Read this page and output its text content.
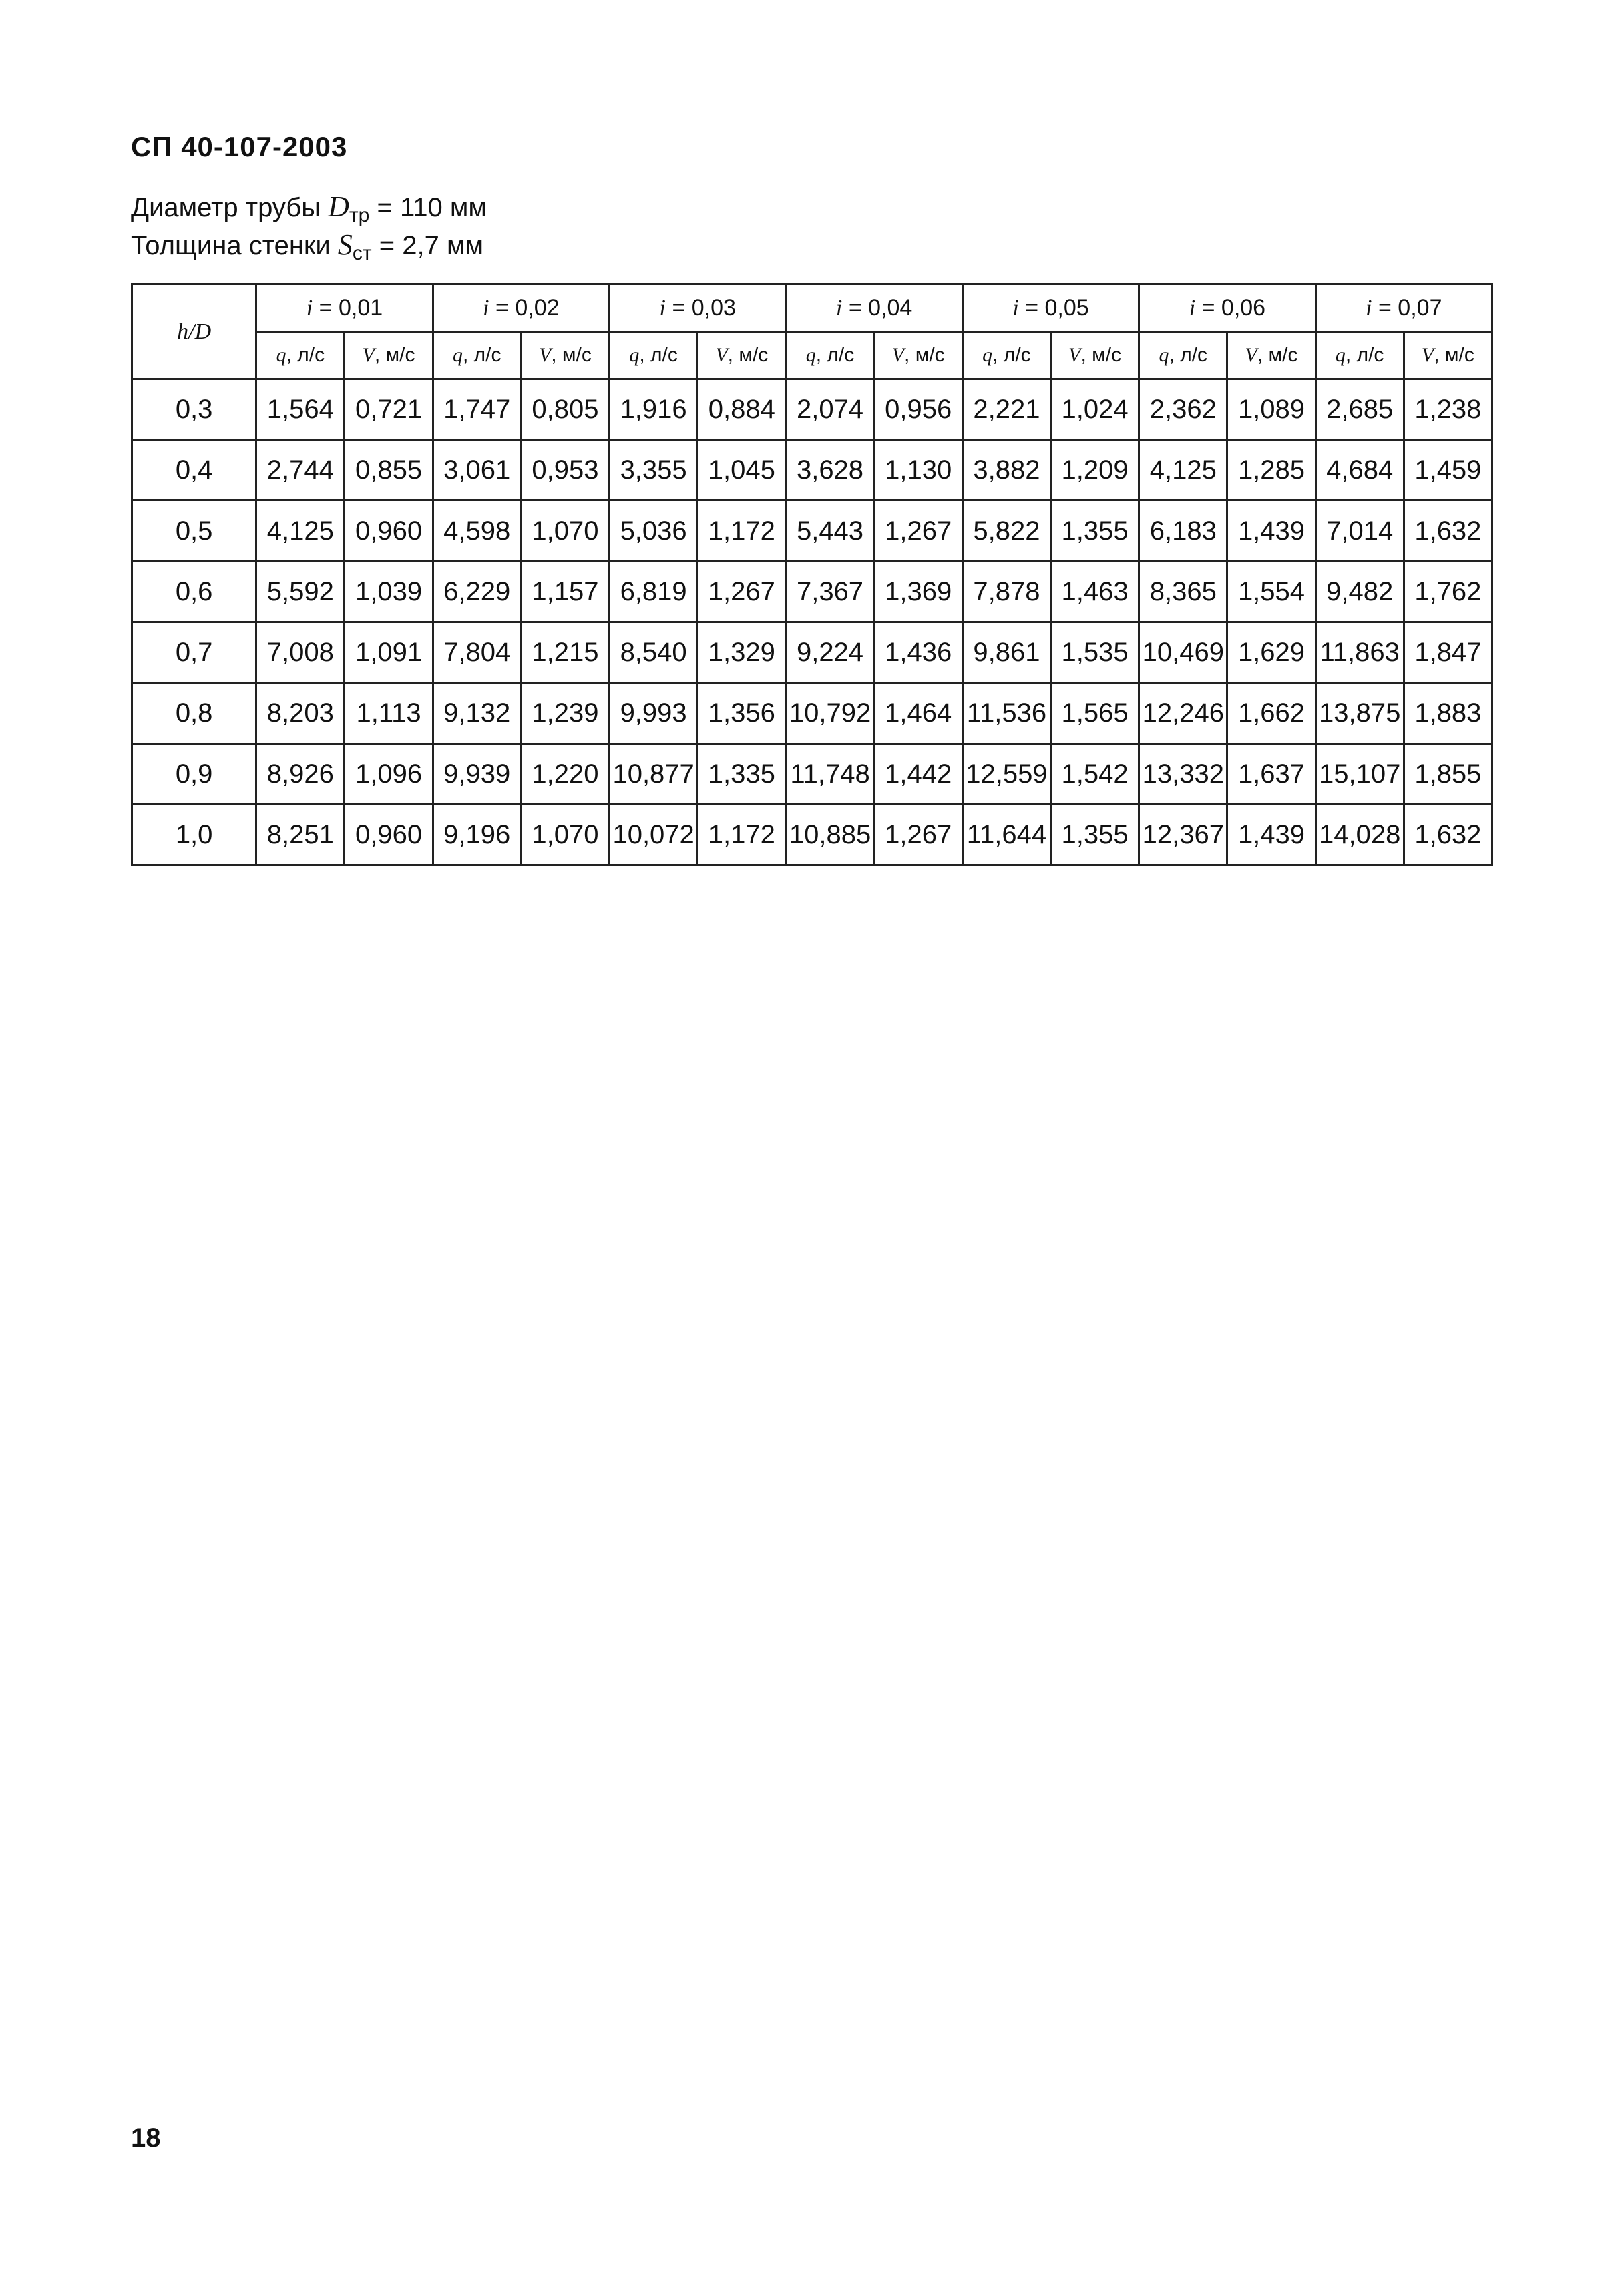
СП 40-107-2003
Диаметр трубы $D_{тр} = 110$ мм
Толщина стенки $S_{ст} = 2,7$ мм
h/D	i = 0,01		i = 0,02		i = 0,03		i = 0,04		i = 0,05		i = 0,06		i = 0,07	
	q, л/с	V, м/с	q, л/с	V, м/с	q, л/с	V, м/с	q, л/с	V, м/с	q, л/с	V, м/с	q, л/с	V, м/с	q, л/с	V, м/с
0,3	1,564	0,721	1,747	0,805	1,916	0,884	2,074	0,956	2,221	1,024	2,362	1,089	2,685	1,238
0,4	2,744	0,855	3,061	0,953	3,355	1,045	3,628	1,130	3,882	1,209	4,125	1,285	4,684	1,459
0,5	4,125	0,960	4,598	1,070	5,036	1,172	5,443	1,267	5,822	1,355	6,183	1,439	7,014	1,632
0,6	5,592	1,039	6,229	1,157	6,819	1,267	7,367	1,369	7,878	1,463	8,365	1,554	9,482	1,762
0,7	7,008	1,091	7,804	1,215	8,540	1,329	9,224	1,436	9,861	1,535	10,469	1,629	11,863	1,847
0,8	8,203	1,113	9,132	1,239	9,993	1,356	10,792	1,464	11,536	1,565	12,246	1,662	13,875	1,883
0,9	8,926	1,096	9,939	1,220	10,877	1,335	11,748	1,442	12,559	1,542	13,332	1,637	15,107	1,855
1,0	8,251	0,960	9,196	1,070	10,072	1,172	10,885	1,267	11,644	1,355	12,367	1,439	14,028	1,632
18
